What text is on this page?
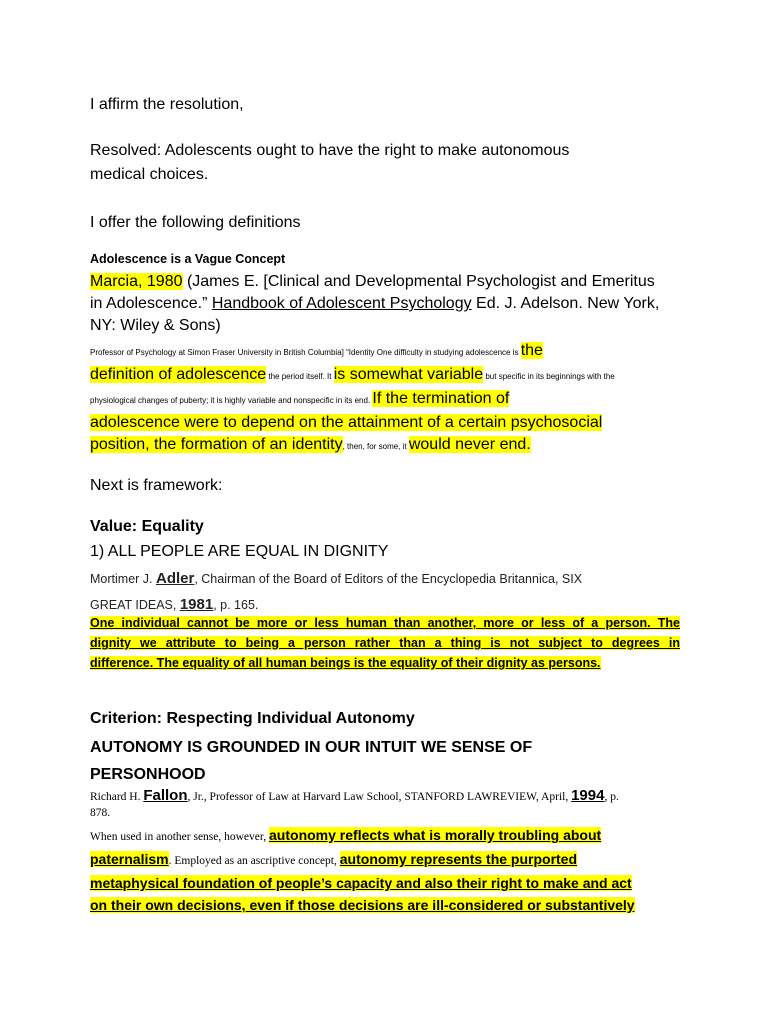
I affirm the resolution,
Resolved: Adolescents ought to have the right to make autonomous
medical choices.
I offer the following definitions
Adolescence is a Vague Concept
Marcia, 1980 (James E. [Clinical and Developmental Psychologist and Emeritus
in Adolescence.” Handbook of Adolescent Psychology Ed. J. Adelson. New York,
NY: Wiley & Sons)
Professor of Psychology at Simon Fraser University in British Columbia] “Identity One difficulty in studying adolescence is the
definition of adolescence the period itself. It is somewhat variable but specific in its beginnings with the
physiological changes of puberty; it is highly variable and nonspecific in its end. If the termination of
adolescence were to depend on the attainment of a certain psychosocial
position, the formation of an identity, then, for some, it would never end.
Next is framework:
Value: Equality
1) ALL PEOPLE ARE EQUAL IN DIGNITY
Mortimer J. Adler, Chairman of the Board of Editors of the Encyclopedia Britannica, SIX
GREAT IDEAS, 1981, p. 165.
One individual cannot be more or less human than another, more or less of a person. The
dignity we attribute to being a person rather than a thing is not subject to degrees in
difference. The equality of all human beings is the equality of their dignity as persons.
Criterion: Respecting Individual Autonomy
AUTONOMY IS GROUNDED IN OUR INTUIT WE SENSE OF
PERSONHOOD
Richard H. Fallon, Jr., Professor of Law at Harvard Law School, STANFORD LAWREVIEW, April, 1994, p.
878.
When used in another sense, however, autonomy reflects what is morally troubling about
paternalism. Employed as an ascriptive concept, autonomy represents the purported
metaphysical foundation of people’s capacity and also their right to make and act
on their own decisions, even if those decisions are ill-considered or substantively
